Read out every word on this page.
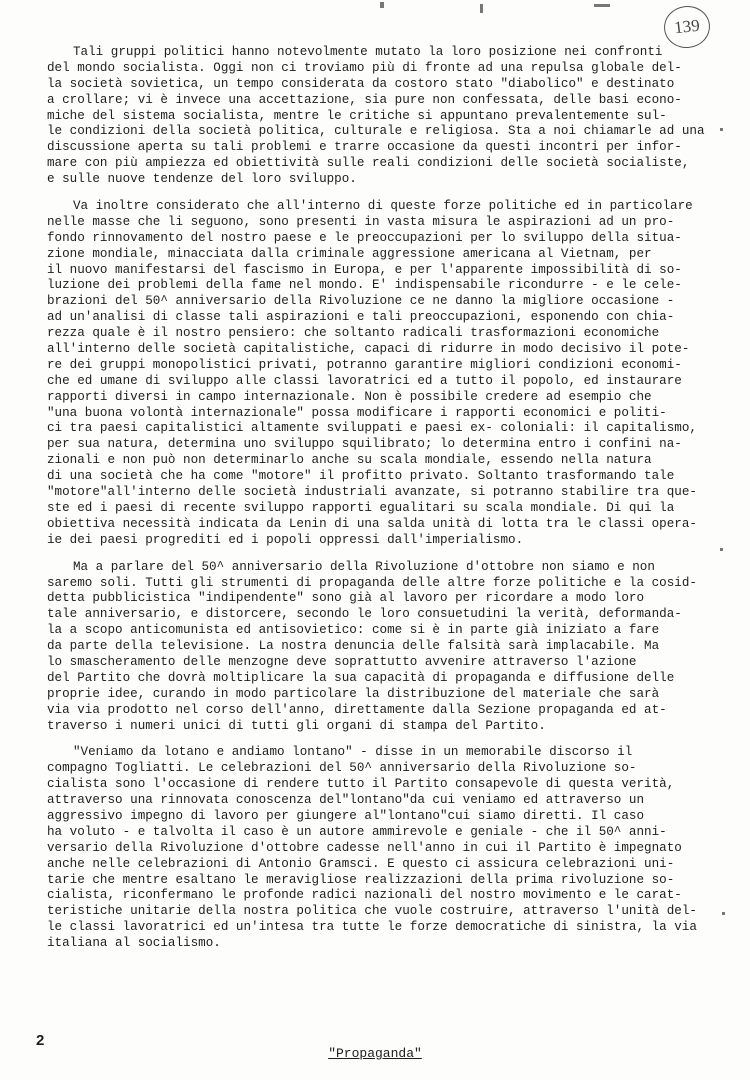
139

Tali gruppi politici hanno notevolmente mutato la loro posizione nei confronti
del mondo socialista. Oggi non ci troviamo più di fronte ad una repulsa globale del-
la società sovietica, un tempo considerata da costoro stato "diabolico" e destinato
a crollare; vi è invece una accettazione, sia pure non confessata, delle basi econo-
miche del sistema socialista, mentre le critiche si appuntano prevalentemente sul-
le condizioni della società politica, culturale e religiosa. Sta a noi chiamarle ad una
discussione aperta su tali problemi e trarre occasione da questi incontri per infor-
mare con più ampiezza ed obiettività sulle reali condizioni delle società socialiste,
e sulle nuove tendenze del loro sviluppo.

Va inoltre considerato che all'interno di queste forze politiche ed in particolare
nelle masse che li seguono, sono presenti in vasta misura le aspirazioni ad un pro-
fondo rinnovamento del nostro paese e le preoccupazioni per lo sviluppo della situa-
zione mondiale, minacciata dalla criminale aggressione americana al Vietnam, per
il nuovo manifestarsi del fascismo in Europa, e per l'apparente impossibilità di so-
luzione dei problemi della fame nel mondo. E' indispensabile ricondurre - e le cele-
brazioni del 50^ anniversario della Rivoluzione ce ne danno la migliore occasione -
ad un'analisi di classe tali aspirazioni e tali preoccupazioni, esponendo con chia-
rezza quale è il nostro pensiero: che soltanto radicali trasformazioni economiche
all'interno delle società capitalistiche, capaci di ridurre in modo decisivo il pote-
re dei gruppi monopolistici privati, potranno garantire migliori condizioni economi-
che ed umane di sviluppo alle classi lavoratrici ed a tutto il popolo, ed instaurare
rapporti diversi in campo internazionale. Non è possibile credere ad esempio che
"una buona volontà internazionale" possa modificare i rapporti economici e politi-
ci tra paesi capitalistici altamente sviluppati e paesi ex- coloniali: il capitalismo,
per sua natura, determina uno sviluppo squilibrato; lo determina entro i confini na-
zionali e non può non determinarlo anche su scala mondiale, essendo nella natura
di una società che ha come "motore" il profitto privato. Soltanto trasformando tale
"motore"all'interno delle società industriali avanzate, si potranno stabilire tra que-
ste ed i paesi di recente sviluppo rapporti egualitari su scala mondiale. Di qui la
obiettiva necessità indicata da Lenin di una salda unità di lotta tra le classi opera-
ie dei paesi progrediti ed i popoli oppressi dall'imperialismo.

Ma a parlare del 50^ anniversario della Rivoluzione d'ottobre non siamo e non
saremo soli. Tutti gli strumenti di propaganda delle altre forze politiche e la cosid-
detta pubblicistica "indipendente" sono già al lavoro per ricordare a modo loro
tale anniversario, e distorcere, secondo le loro consuetudini la verità, deformanda-
la a scopo anticomunista ed antisovietico: come si è in parte già iniziato a fare
da parte della televisione. La nostra denuncia delle falsità sarà implacabile. Ma
lo smascheramento delle menzogne deve soprattutto avvenire attraverso l'azione
del Partito che dovrà moltiplicare la sua capacità di propaganda e diffusione delle
proprie idee, curando in modo particolare la distribuzione del materiale che sarà
via via prodotto nel corso dell'anno, direttamente dalla Sezione propaganda ed at-
traverso i numeri unici di tutti gli organi di stampa del Partito.

"Veniamo da lotano e andiamo lontano" - disse in un memorabile discorso il
compagno Togliatti. Le celebrazioni del 50^ anniversario della Rivoluzione so-
cialista sono l'occasione di rendere tutto il Partito consapevole di questa verità,
attraverso una rinnovata conoscenza del"lontano"da cui veniamo ed attraverso un
aggressivo impegno di lavoro per giungere al"lontano"cui siamo diretti. Il caso
ha voluto - e talvolta il caso è un autore ammirevole e geniale - che il 50^ anni-
versario della Rivoluzione d'ottobre cadesse nell'anno in cui il Partito è impegnato
anche nelle celebrazioni di Antonio Gramsci. E questo ci assicura celebrazioni uni-
tarie che mentre esaltano le meravigliose realizzazioni della prima rivoluzione so-
cialista, riconfermano le profonde radici nazionali del nostro movimento e le carat-
teristiche unitarie della nostra politica che vuole costruire, attraverso l'unità del-
le classi lavoratrici ed un'intesa tra tutte le forze democratiche di sinistra, la via
italiana al socialismo.

2
"Propaganda"
